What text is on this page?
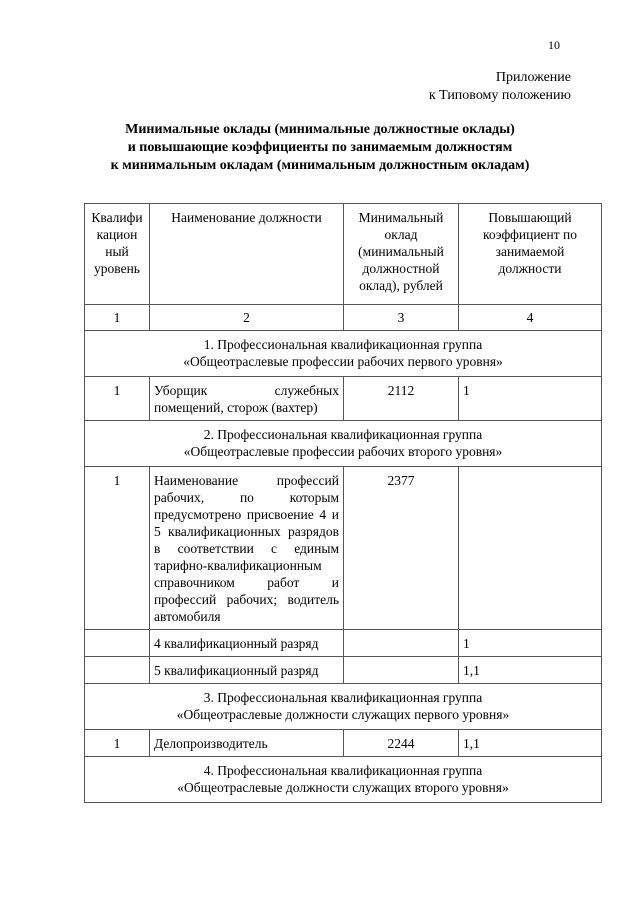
10
Приложение
к Типовому положению
Минимальные оклады (минимальные должностные оклады)
и повышающие коэффициенты по занимаемым должностям
к минимальным окладам (минимальным должностным окладам)
Квалифи кацион ный уровень	Наименование должности	Минимальный оклад (минимальный должностной оклад), рублей	Повышающий коэффициент по занимаемой должности
1	2	3	4

1. Профессиональная квалификационная группа
«Общеотраслевые профессии рабочих первого уровня»			

1	Уборщик служебных помещений, сторож (вахтер)	2112	1

2. Профессиональная квалификационная группа
«Общеотраслевые профессии рабочих второго уровня»			

1	Наименование профессий рабочих, по которым предусмотрено присвоение 4 и 5 квалификационных разрядов в соответствии с единым тарифно-квалификационным справочником работ и профессий рабочих; водитель автомобиля	2377	
	4 квалификационный разряд		1
	5 квалификационный разряд		1,1

3. Профессиональная квалификационная группа
«Общеотраслевые должности служащих первого уровня»			

1	Делопроизводитель	2244	1,1

4. Профессиональная квалификационная группа
«Общеотраслевые должности служащих второго уровня»			
